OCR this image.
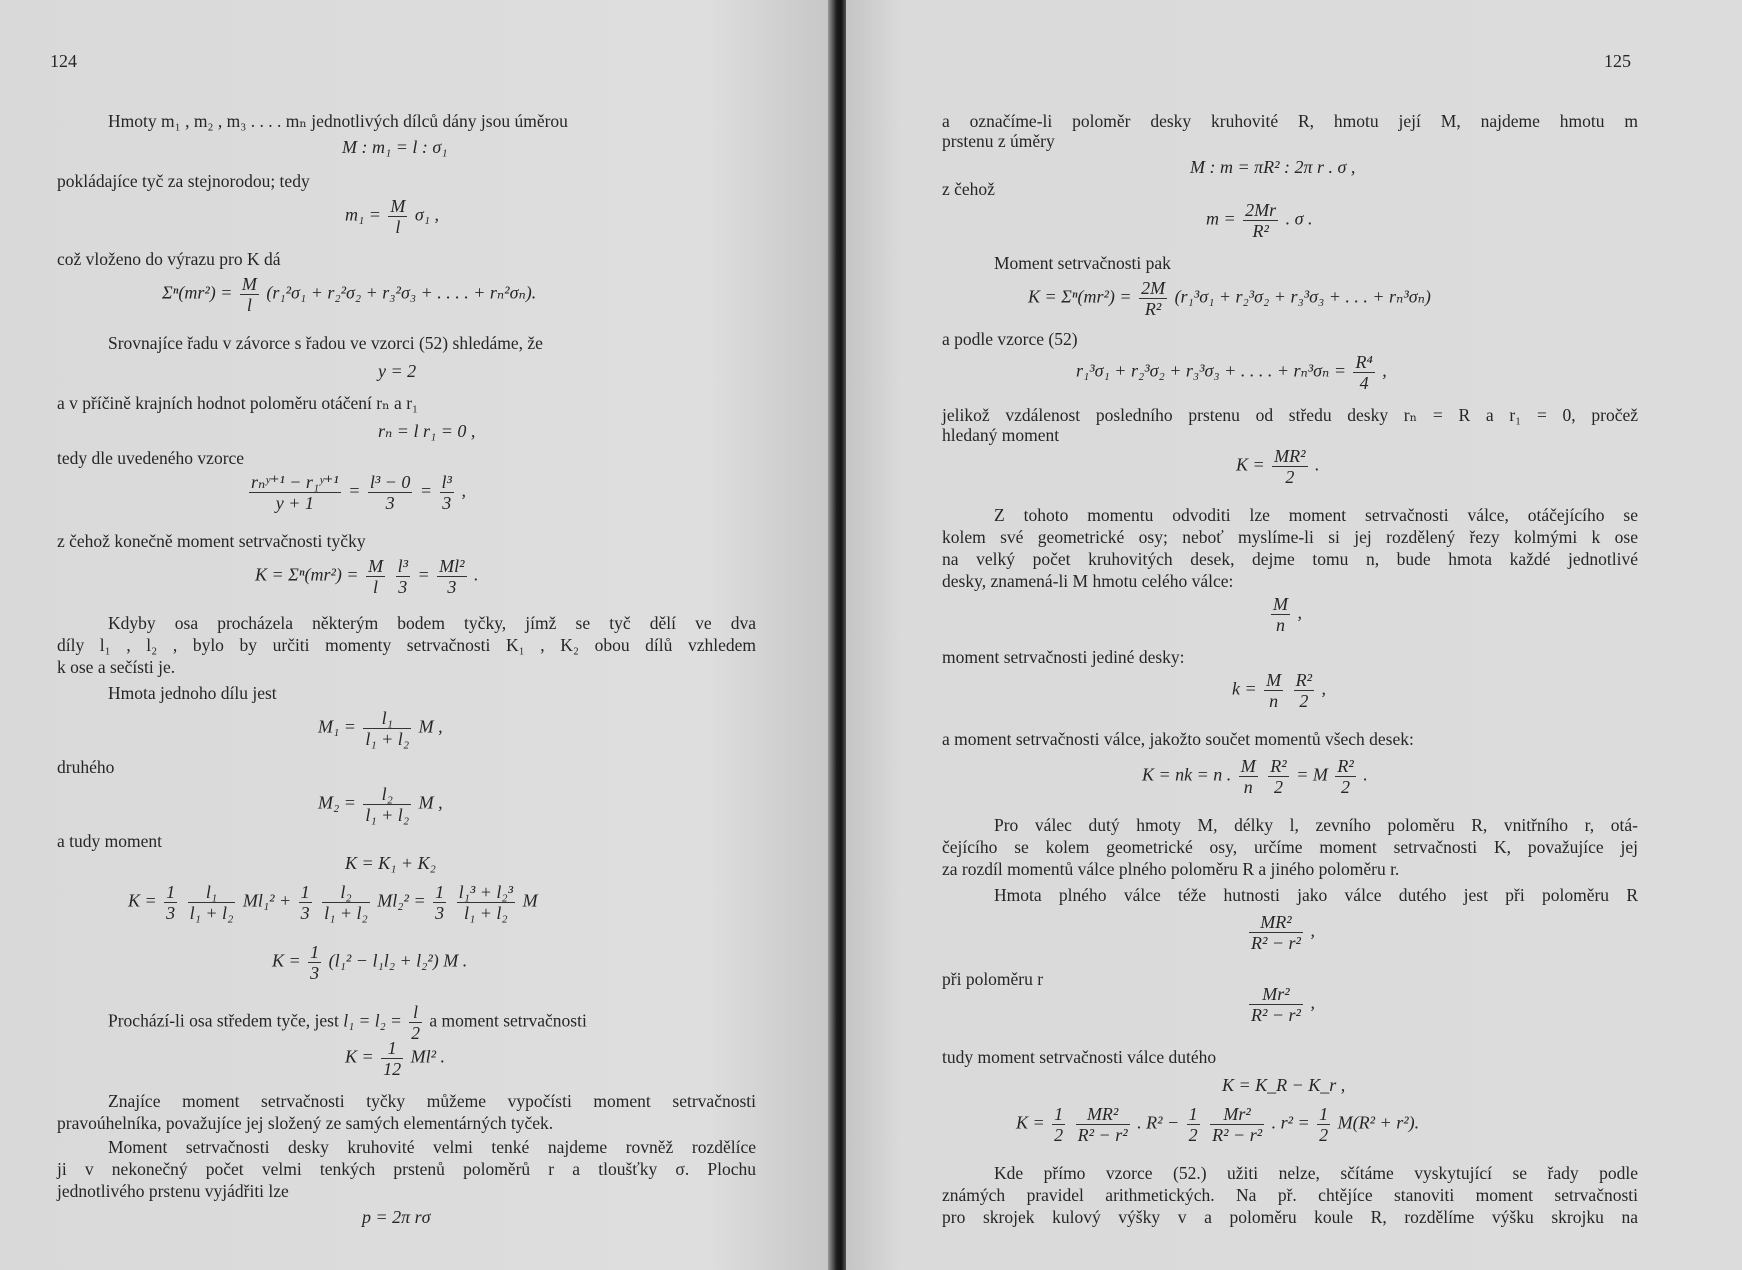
124
Hmoty m₁ , m₂ , m₃ . . . . mₙ jednotlivých dílců dány jsou úměrou
M : m₁ = l : σ₁
pokládajíce tyč za stejnorodou; tedy
$m_1 = \frac{M}{l} \sigma_1$ ,
což vloženo do výrazu pro K dá
$\Sigma^n(mr^2) = \frac{M}{l} (r_1^2\sigma_1 + r_2^2\sigma_2 + r_3^2\sigma_3$ + . . . . + rₙ²σₙ).
Srovnajíce řadu v závorce s řadou ve vzorci (52) shledáme, že
y = 2
a v příčině krajních hodnot poloměru otáčení rₙ a r₁
rₙ = l r₁ = 0 ,
tedy dle uvedeného vzorce
$\frac{\text{rₙʸ⁺¹ − r₁ʸ⁺¹}}{y + 1} = \frac{\text{l³ − 0}}{3} = \frac{\text{l³}}{3}$ ,
z čehož konečně moment setrvačnosti tyčky
$K = \Sigma^n(mr^2) = \frac{M}{l}$
$\frac{\text{l³}}{3} = \frac{\text{Ml²}}{3}$ .
Kdyby osa procházela některým bodem tyčky, jímž se tyč dělí ve dva
díly l₁ , l₂ , bylo by určiti momenty setrvačnosti K₁ , K₂ obou dílů vzhledem
k ose a sečísti je.
Hmota jednoho dílu jest
$M_1 = \frac{\text{l₁}}{\text{l₁ + l₂}}$ M ,
druhého
$M_2 = \frac{\text{l₂}}{\text{l₁ + l₂}}$ M ,
a tudy moment
K = K₁ + K₂
$K = \frac{1}{3}$
$\frac{\text{l₁}}{\text{l₁ + l₂}} Ml_1^2 + \frac{1}{3}$
$\frac{\text{l₂}}{\text{l₁ + l₂}} Ml_2^2 = \frac{1}{3}$
$\frac{\text{l₁³ + l₂³}}{\text{l₁ + l₂}}$ M
$K = \frac{1}{3} (l_1^2 - l_1l_2 + l_2^2)$ M .
Prochází-li osa středem tyče, jest $l_1 = l_2 = \frac{l}{2}$ a moment setrvačnosti
$K = \frac{1}{12} Ml^2$ .
Znajíce moment setrvačnosti tyčky můžeme vypočísti moment setrvačnosti
pravoúhelníka, považujíce jej složený ze samých elementárných tyček.
Moment setrvačnosti desky kruhovité velmi tenké najdeme rovněž rozdělíce
ji v nekonečný počet velmi tenkých prstenů poloměrů r a tloušťky σ. Plochu
jednotlivého prstenu vyjádřiti lze
p = 2π rσ
125
a označíme-li poloměr desky kruhovité R, hmotu její M, najdeme hmotu m
prstenu z úměry
M : m = πR² : 2π r . σ ,
z čehož
$m = \frac{2Mr}{\text{R²}}$ . σ .
Moment setrvačnosti pak
$K = \Sigma^n(mr^2) = \frac{2M}{\text{R²}} (r_1^3\sigma_1 + r_2^3\sigma_2 + r_3^3\sigma_3$ + . . . + rₙ³σₙ)
a podle vzorce (52)
r₁³σ₁ + r₂³σ₂ + r₃³σ₃ + . . . . + $r_n^3\sigma_n = \frac{\text{R⁴}}{4}$ ,
jelikož vzdálenost posledního prstenu od středu desky rₙ = R a r₁ = 0, pročež
hledaný moment
$K = \frac{\text{MR²}}{2}$ .
Z tohoto momentu odvoditi lze moment setrvačnosti válce, otáčejícího se
kolem své geometrické osy; neboť myslíme-li si jej rozdělený řezy kolmými k ose
na velký počet kruhovitých desek, dejme tomu n, bude hmota každé jednotlivé
desky, znamená-li M hmotu celého válce:
$\frac{M}{n}$ ,
moment setrvačnosti jediné desky:
$k = \frac{M}{n}$
$\frac{\text{R²}}{2}$ ,
a moment setrvačnosti válce, jakožto součet momentů všech desek:
K = nk = n . $\frac{M}{n}$
$\frac{\text{R²}}{2} = M \frac{\text{R²}}{2}$ .
Pro válec dutý hmoty M, délky l, zevního poloměru R, vnitřního r, otá-
čejícího se kolem geometrické osy, určíme moment setrvačnosti K, považujíce jej
za rozdíl momentů válce plného poloměru R a jiného poloměru r.
Hmota plného válce téže hutnosti jako válce dutého jest při poloměru R
$\frac{\text{MR²}}{\text{R² − r²}}$ ,
při poloměru r
$\frac{\text{Mr²}}{\text{R² − r²}}$ ,
tudy moment setrvačnosti válce dutého
K = K_R − K_r ,
$K = \frac{1}{2}$
$\frac{\text{MR²}}{\text{R² − r²}}$ . $R^2 - \frac{1}{2}$
$\frac{\text{Mr²}}{\text{R² − r²}}$ . $r^2 = \frac{1}{2} M(R^2 + r^2)$.
Kde přímo vzorce (52.) užiti nelze, sčítáme vyskytující se řady podle
známých pravidel arithmetických. Na př. chtějíce stanoviti moment setrvačnosti
pro skrojek kulový výšky v a poloměru koule R, rozdělíme výšku skrojku na
